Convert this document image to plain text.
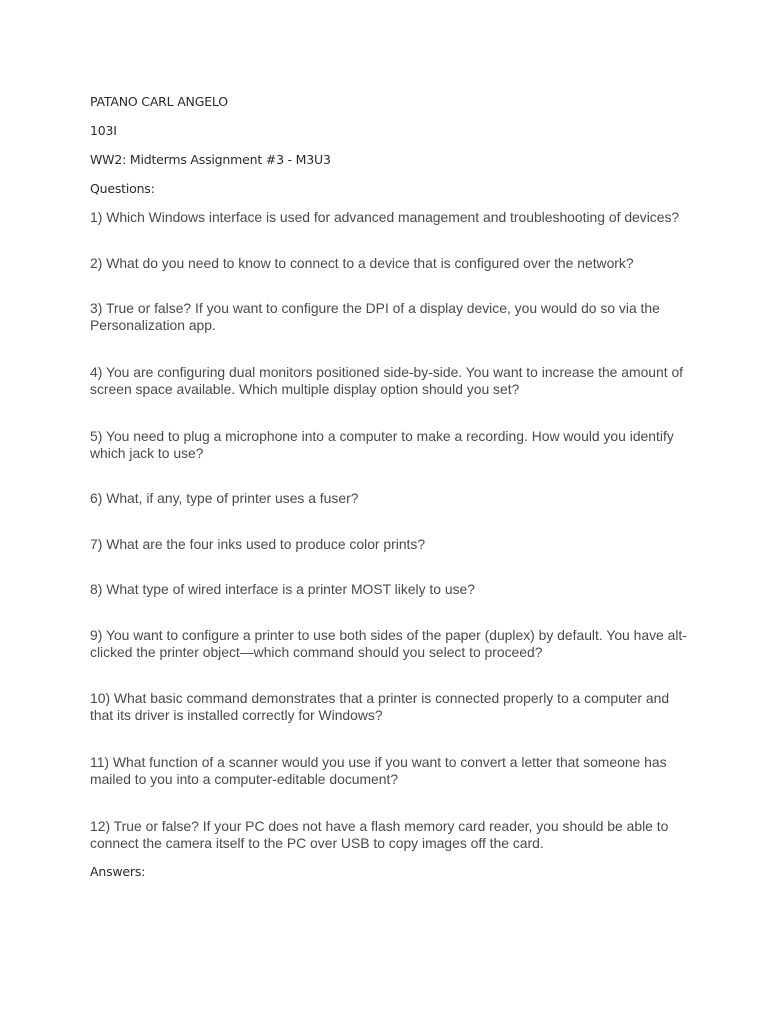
PATANO CARL ANGELO
103I
WW2: Midterms Assignment #3 - M3U3
Questions:
1) Which Windows interface is used for advanced management and troubleshooting of devices?
2) What do you need to know to connect to a device that is configured over the network?
3) True or false? If you want to configure the DPI of a display device, you would do so via the Personalization app.
4) You are configuring dual monitors positioned side-by-side. You want to increase the amount of screen space available. Which multiple display option should you set?
5) You need to plug a microphone into a computer to make a recording. How would you identify which jack to use?
6) What, if any, type of printer uses a fuser?
7) What are the four inks used to produce color prints?
8) What type of wired interface is a printer MOST likely to use?
9) You want to configure a printer to use both sides of the paper (duplex) by default. You have alt-clicked the printer object—which command should you select to proceed?
10) What basic command demonstrates that a printer is connected properly to a computer and that its driver is installed correctly for Windows?
11) What function of a scanner would you use if you want to convert a letter that someone has mailed to you into a computer-editable document?
12) True or false? If your PC does not have a flash memory card reader, you should be able to connect the camera itself to the PC over USB to copy images off the card.
Answers:
